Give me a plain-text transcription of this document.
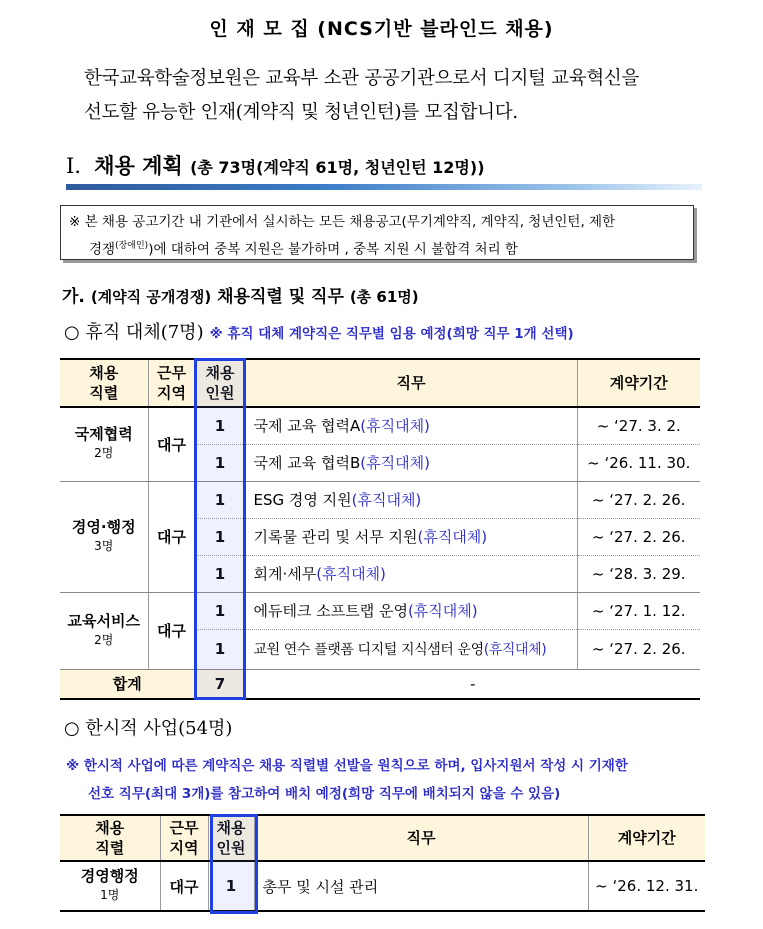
인 재 모 집 (NCS기반 블라인드 채용)
한국교육학술정보원은 교육부 소관 공공기관으로서 디지털 교육혁신을
선도할 유능한 인재(계약직 및 청년인턴)를 모집합니다.
Ⅰ. 채용 계획 (총 73명(계약직 61명, 청년인턴 12명))
※ 본 채용 공고기간 내 기관에서 실시하는 모든 채용공고(무기계약직, 계약직, 청년인턴, 제한
경쟁$^{(장애인)}$)에 대하여 중복 지원은 불가하며 , 중복 지원 시 불합격 처리 함
가. (계약직 공개경쟁) 채용직렬 및 직무 (총 61명)
○ 휴직 대체(7명) ※ 휴직 대체 계약직은 직무별 임용 예정(희망 직무 1개 선택)
채용
직렬	근무
지역	채용
인원	직무	계약기간
국제협력
2명	대구	1	국제 교육 협력A(휴직대체)	~ ‘27. 3. 2.
		1	국제 교육 협력B(휴직대체)	~ ‘26. 11. 30.
경영·행정
3명	대구	1	ESG 경영 지원(휴직대체)	~ ‘27. 2. 26.
		1	기록물 관리 및 서무 지원(휴직대체)	~ ‘27. 2. 26.
		1	회계·세무(휴직대체)	~ ‘28. 3. 29.
교육서비스
2명	대구	1	에듀테크 소프트랩 운영(휴직대체)	~ ‘27. 1. 12.
		1	교원 연수 플랫폼 디지털 지식샘터 운영(휴직대체)	~ ‘27. 2. 26.
합계		7	-	
○ 한시적 사업(54명)
※ 한시적 사업에 따른 계약직은 채용 직렬별 선발을 원칙으로 하며, 입사지원서 작성 시 기재한
선호 직무(최대 3개)를 참고하여 배치 예정(희망 직무에 배치되지 않을 수 있음)
채용
직렬	근무
지역	채용
인원	직무	계약기간
경영행정
1명	대구	1	총무 및 시설 관리	~ ‘26. 12. 31.
